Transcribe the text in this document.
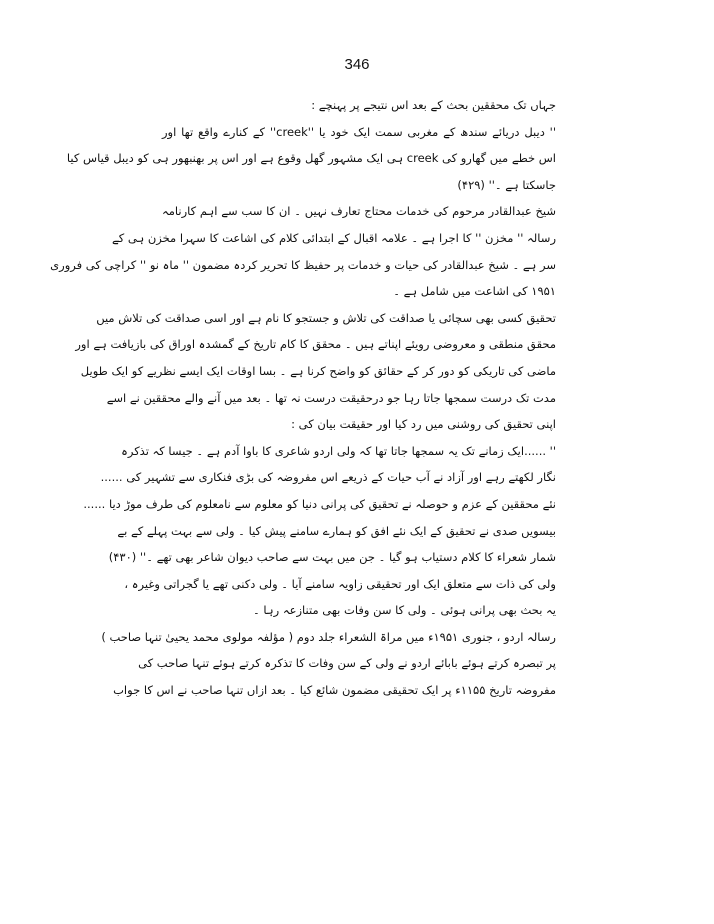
346
جہاں تک محققین بحث کے بعد اس نتیجے پر پہنچے :
'' دیبل دریائے سندھ کے مغربی سمت ایک خود یا ''creek'' کے کنارے واقع تھا اور
اس خطے میں گھارو کی creek ہی ایک مشہور گھل وقوع ہے اور اس پر بھنبھور ہی کو دیبل قیاس کیا
جاسکتا ہے ۔'' (۴۲۹)
شیخ عبدالقادر مرحوم کی خدمات محتاج تعارف نہیں ۔ ان کا سب سے اہم کارنامہ
رسالہ '' مخزن '' کا اجرا ہے ۔ علامہ اقبال کے ابتدائی کلام کی اشاعت کا سہرا مخزن ہی کے
سر ہے ۔ شیخ عبدالقادر کی حیات و خدمات پر حفیظ کا تحریر کردہ مضمون '' ماہ نو '' کراچی کی فروری
۱۹۵۱ کی اشاعت میں شامل ہے ۔
تحقیق کسی بھی سچائی یا صداقت کی تلاش و جستجو کا نام ہے اور اسی صداقت کی تلاش میں
محقق منطقی و معروضی رویئے اپناتے ہیں ۔ محقق کا کام تاریخ کے گمشدہ اوراق کی بازیافت ہے اور
ماضی کی تاریکی کو دور کر کے حقائق کو واضح کرنا ہے ۔ بسا اوقات ایک ایسے نظریے کو ایک طویل
مدت تک درست سمجھا جاتا رہا جو درحقیقت درست نہ تھا ۔ بعد میں آنے والے محققین نے اسے
اپنی تحقیق کی روشنی میں رد کیا اور حقیقت بیان کی :
'' ......ایک زمانے تک یہ سمجھا جاتا تھا کہ ولی اردو شاعری کا باوا آدم ہے ۔ جیسا کہ تذکرہ
نگار لکھتے رہے اور آزاد نے آب حیات کے ذریعے اس مفروضہ کی بڑی فنکاری سے تشہیر کی ......
نئے محققین کے عزم و حوصلہ نے تحقیق کی پرانی دنیا کو معلوم سے نامعلوم کی طرف موڑ دیا ......
بیسویں صدی نے تحقیق کے ایک نئے افق کو ہمارے سامنے پیش کیا ۔ ولی سے بہت پہلے کے بے
شمار شعراء کا کلام دستیاب ہو گیا ۔ جن میں بہت سے صاحب دیوان شاعر بھی تھے ۔'' (۴۳۰)
ولی کی ذات سے متعلق ایک اور تحقیقی زاویہ سامنے آیا ۔ ولی دکنی تھے یا گجراتی وغیرہ ،
یہ بحث بھی پرانی ہوئی ۔ ولی کا سن وفات بھی متنازعہ رہا ۔
رسالہ اردو ، جنوری ۱۹۵۱ء میں مراۃ الشعراء جلد دوم ( مؤلفہ مولوی محمد یحییٰ تنہا صاحب )
پر تبصرہ کرتے ہوئے بابائے اردو نے ولی کے سن وفات کا تذکرہ کرتے ہوئے تنہا صاحب کی
مفروضہ تاریخ ۱۱۵۵ء پر ایک تحقیقی مضمون شائع کیا ۔ بعد ازاں تنہا صاحب نے اس کا جواب
